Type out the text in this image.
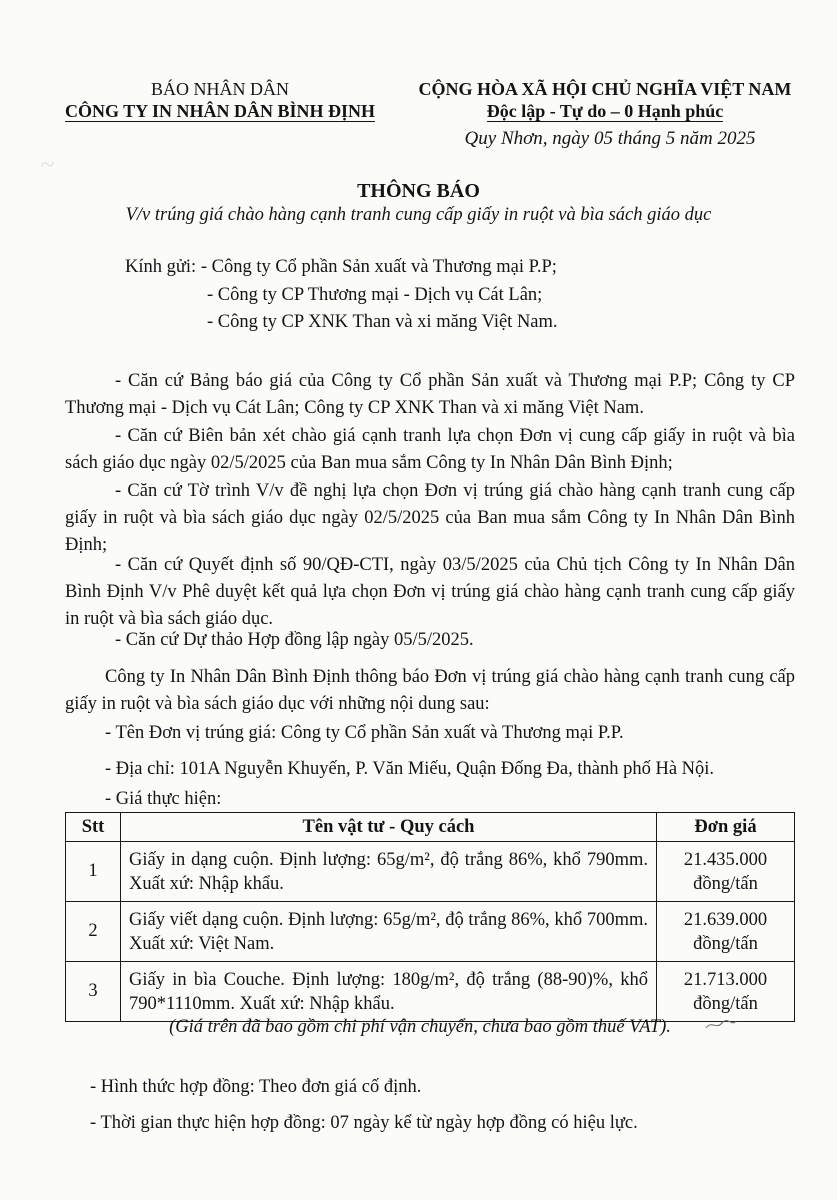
~​
BÁO NHÂN DÂN
CÔNG TY IN NHÂN DÂN BÌNH ĐỊNH
CỘNG HÒA XÃ HỘI CHỦ NGHĨA VIỆT NAM
Độc lập - Tự do – 0 Hạnh phúc
Quy Nhơn, ngày 05 tháng 5 năm 2025
THÔNG BÁO
V/v trúng giá chào hàng cạnh tranh cung cấp giấy in ruột và bìa sách giáo dục
Kính gửi: - Công ty Cổ phần Sản xuất và Thương mại P.P;
- Công ty CP Thương mại - Dịch vụ Cát Lân;
- Công ty CP XNK Than và xi măng Việt Nam.
- Căn cứ Bảng báo giá của Công ty Cổ phần Sản xuất và Thương mại P.P; Công ty CP Thương mại - Dịch vụ Cát Lân; Công ty CP XNK Than và xi măng Việt Nam.
- Căn cứ Biên bản xét chào giá cạnh tranh lựa chọn Đơn vị cung cấp giấy in ruột và bìa sách giáo dục ngày 02/5/2025 của Ban mua sắm Công ty In Nhân Dân Bình Định;
- Căn cứ Tờ trình V/v đề nghị lựa chọn Đơn vị trúng giá chào hàng cạnh tranh cung cấp giấy in ruột và bìa sách giáo dục ngày 02/5/2025 của Ban mua sắm Công ty In Nhân Dân Bình Định;
- Căn cứ Quyết định số 90/QĐ-CTI, ngày 03/5/2025 của Chủ tịch Công ty In Nhân Dân Bình Định V/v Phê duyệt kết quả lựa chọn Đơn vị trúng giá chào hàng cạnh tranh cung cấp giấy in ruột và bìa sách giáo dục.
- Căn cứ Dự thảo Hợp đồng lập ngày 05/5/2025.
Công ty In Nhân Dân Bình Định thông báo Đơn vị trúng giá chào hàng cạnh tranh cung cấp giấy in ruột và bìa sách giáo dục với những nội dung sau:
- Tên Đơn vị trúng giá: Công ty Cổ phần Sản xuất và Thương mại P.P.
- Địa chỉ: 101A Nguyễn Khuyến, P. Văn Miếu, Quận Đống Đa, thành phố Hà Nội.
- Giá thực hiện:
Stt	Tên vật tư - Quy cách	Đơn giá
1	Giấy in dạng cuộn. Định lượng: 65g/m², độ trắng 86%, khổ 790mm. Xuất xứ: Nhập khẩu.	21.435.000
đồng/tấn

2	Giấy viết dạng cuộn. Định lượng: 65g/m², độ trắng 86%, khổ 700mm. Xuất xứ: Việt Nam.	21.639.000
đồng/tấn

3	Giấy in bìa Couche. Định lượng: 180g/m², độ trắng (88-90)%, khổ 790*1110mm. Xuất xứ: Nhập khẩu.	21.713.000
đồng/tấn
(Giá trên đã bao gồm chi phí vận chuyển, chưa bao gồm thuế VAT).
- Hình thức hợp đồng: Theo đơn giá cố định.
- Thời gian thực hiện hợp đồng: 07 ngày kể từ ngày hợp đồng có hiệu lực.
